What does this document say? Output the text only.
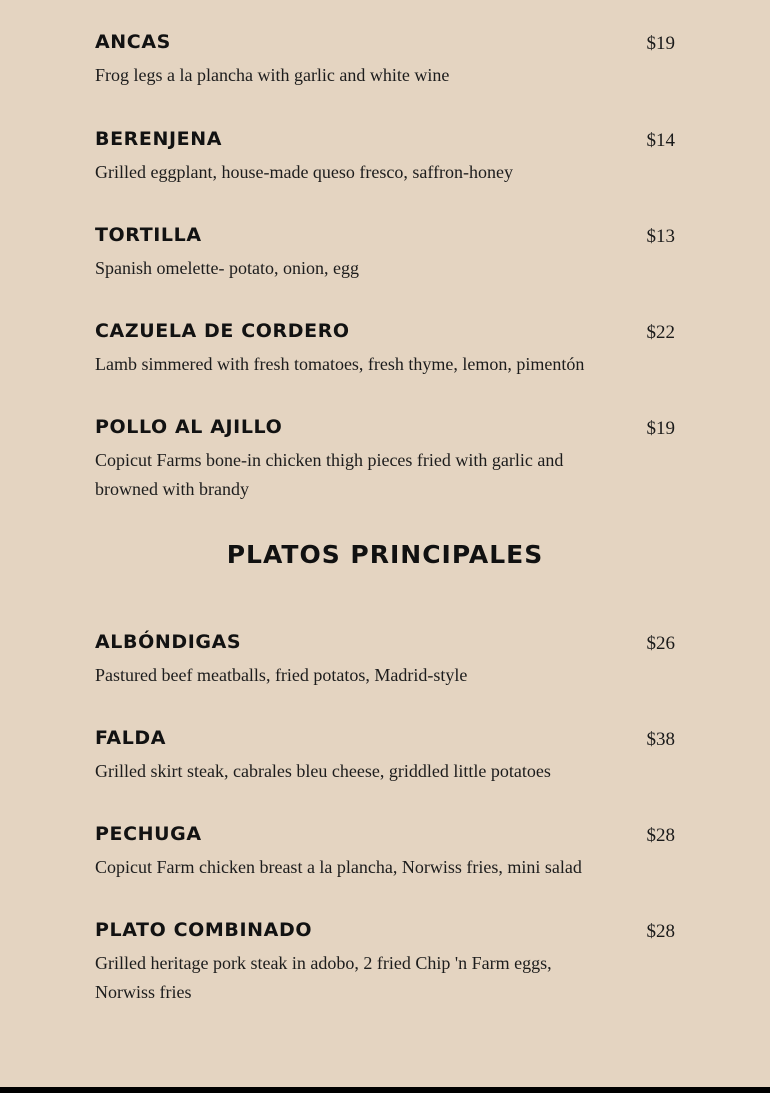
ANCAS	$19
Frog legs a la plancha with garlic and white wine
BERENJENA	$14
Grilled eggplant, house-made queso fresco, saffron-honey
TORTILLA	$13
Spanish omelette- potato, onion, egg
CAZUELA DE CORDERO	$22
Lamb simmered with fresh tomatoes, fresh thyme, lemon, pimentón
POLLO AL AJILLO	$19
Copicut Farms bone-in chicken thigh pieces fried with garlic and browned with brandy
PLATOS PRINCIPALES
ALBÓNDIGAS	$26
Pastured beef meatballs, fried potatos, Madrid-style
FALDA	$38
Grilled skirt steak, cabrales bleu cheese, griddled little potatoes
PECHUGA	$28
Copicut Farm chicken breast a la plancha, Norwiss fries, mini salad
PLATO COMBINADO	$28
Grilled heritage pork steak in adobo, 2 fried Chip 'n Farm eggs, Norwiss fries
